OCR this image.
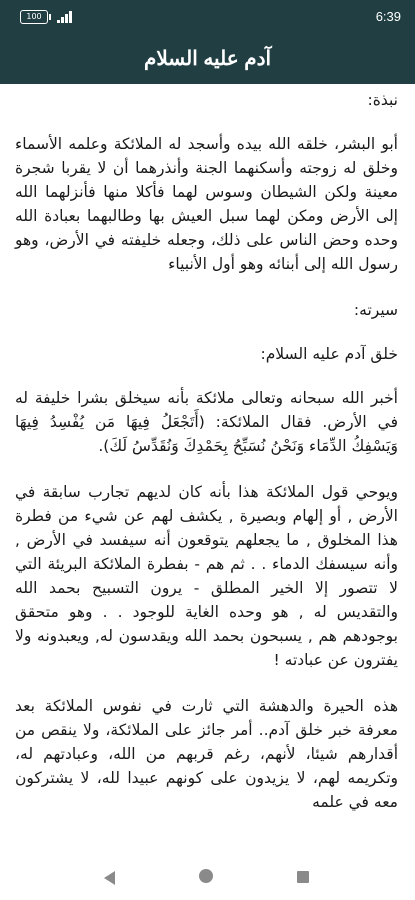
100	6:39
آدم عليه السلام

نبذة:

أبو البشر، خلقه الله بيده وأسجد له الملائكة وعلمه الأسماء وخلق له زوجته وأسكنهما الجنة وأنذرهما أن لا يقربا شجرة معينة ولكن الشيطان وسوس لهما فأكلا منها فأنزلهما الله إلى الأرض ومكن لهما سبل العيش بها وطالبهما بعبادة الله وحده وحض الناس على ذلك، وجعله خليفته في الأرض، وهو رسول الله إلى أبنائه وهو أول الأنبياء

سيرته:

خلق آدم عليه السلام:

أخبر الله سبحانه وتعالى ملائكة بأنه سيخلق بشرا خليفة له في الأرض. فقال الملائكة: (أَتَجْعَلُ فِيهَا مَن يُفْسِدُ فِيهَا وَيَسْفِكُ الدِّمَاء وَنَحْنُ نُسَبِّحُ بِحَمْدِكَ وَنُقَدِّسُ لَكَ).

ويوحي قول الملائكة هذا بأنه كان لديهم تجارب سابقة في الأرض , أو إلهام وبصيرة , يكشف لهم عن شيء من فطرة هذا المخلوق , ما يجعلهم يتوقعون أنه سيفسد في الأرض , وأنه سيسفك الدماء . . ثم هم - بفطرة الملائكة البريئة التي لا تتصور إلا الخير المطلق - يرون التسبيح بحمد الله والتقديس له , هو وحده الغاية للوجود . . وهو متحقق بوجودهم هم , يسبحون بحمد الله ويقدسون له, ويعبدونه ولا يفترون عن عبادته !

هذه الحيرة والدهشة التي ثارت في نفوس الملائكة بعد معرفة خبر خلق آدم.. أمر جائز على الملائكة، ولا ينقص من أقدارهم شيئا، لأنهم، رغم قربهم من الله، وعبادتهم له، وتكريمه لهم، لا يزيدون على كونهم عبيدا لله، لا يشتركون معه في علمه
